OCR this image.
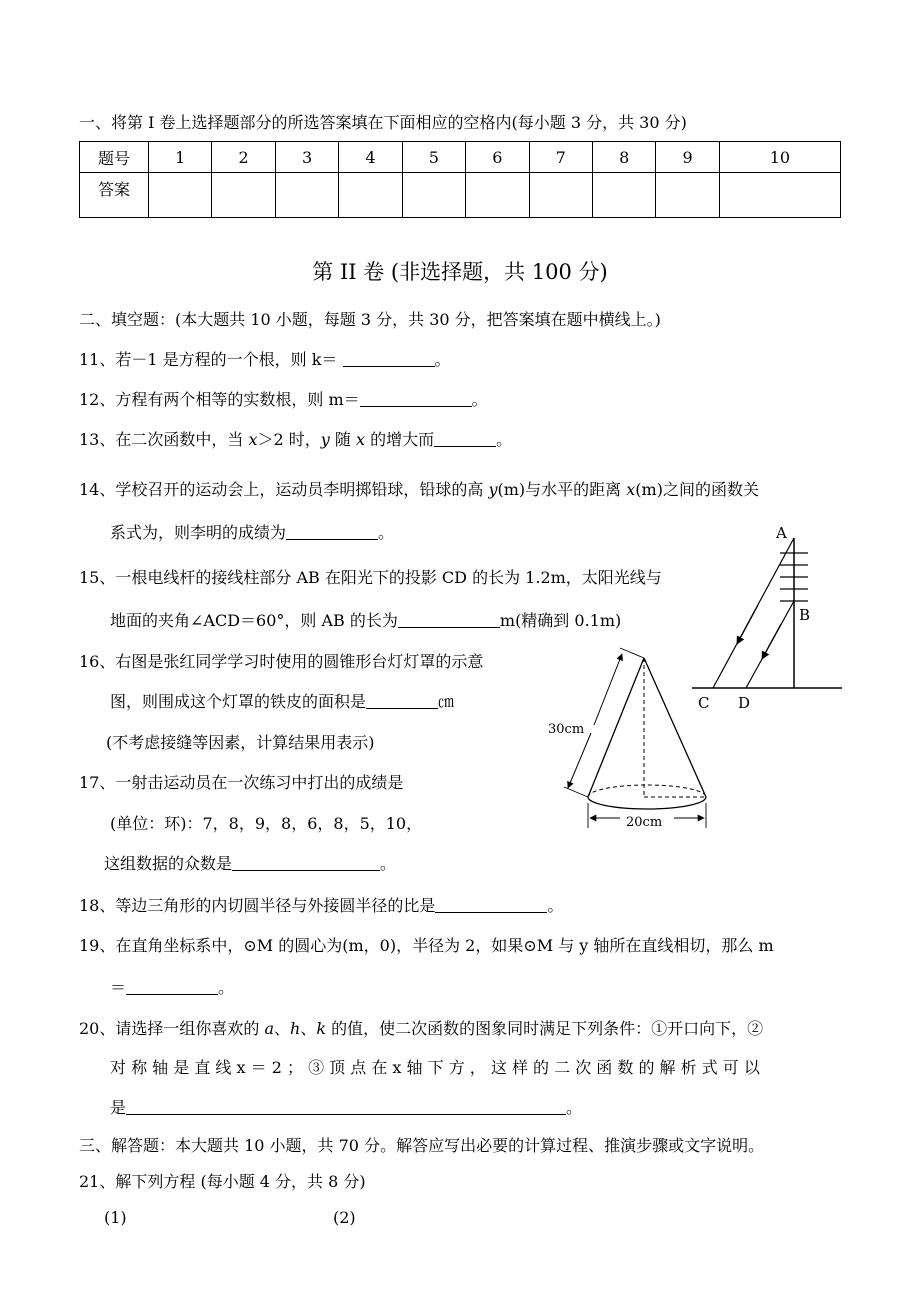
一、将第 I 卷上选择题部分的所选答案填在下面相应的空格内(每小题 3 分，共 30 分)
题号	1	2	3	4	5	6	7	8	9	10
答案										
第 II 卷 (非选择题，共 100 分)
二、填空题：(本大题共 10 小题，每题 3 分，共 30 分，把答案填在题中横线上。)
11、若－1 是方程的一个根，则 k＝	。
12、方程有两个相等的实数根，则 m＝	。
13、在二次函数中，当 x＞2 时，y 随 x 的增大而	。
14、学校召开的运动会上，运动员李明掷铅球，铅球的高 y(m)与水平的距离 x(m)之间的函数关
系式为，则李明的成绩为	。
15、一根电线杆的接线柱部分 AB 在阳光下的投影 CD 的长为 1.2m，太阳光线与
地面的夹角∠ACD＝60°，则 AB 的长为	m(精确到 0.1m)
16、右图是张红同学学习时使用的圆锥形台灯灯罩的示意
图，则围成这个灯罩的铁皮的面积是	㎝
(不考虑接缝等因素，计算结果用表示)
17、一射击运动员在一次练习中打出的成绩是
(单位：环)：7，8，9，8，6，8，5，10，
这组数据的众数是	。
18、等边三角形的内切圆半径与外接圆半径的比是	。
19、在直角坐标系中，⊙M 的圆心为(m，0)，半径为 2，如果⊙M 与 y 轴所在直线相切，那么 m
＝	。
20、请选择一组你喜欢的 a、h、k 的值，使二次函数的图象同时满足下列条件：①开口向下，②
对 称 轴 是 直 线 x ＝ 2 ； ③ 顶 点 在 x 轴 下 方 ， 这 样 的 二 次 函 数 的 解 析 式 可 以
是	。
三、解答题：本大题共 10 小题，共 70 分。解答应写出必要的计算过程、推演步骤或文字说明。
21、解下列方程 (每小题 4 分，共 8 分)
(1)	(2)
A
B
C D
30cm
20cm
